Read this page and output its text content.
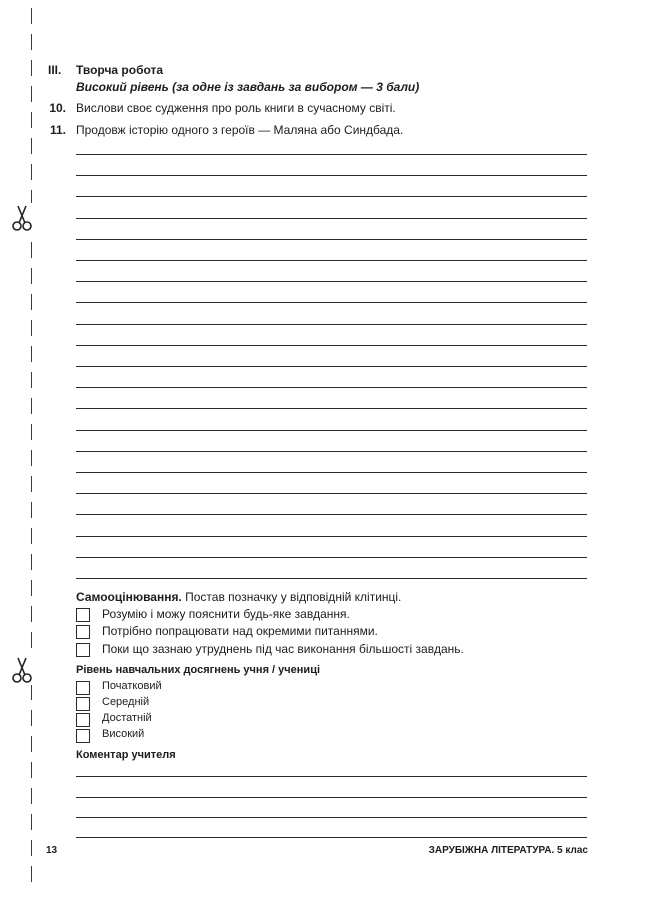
III. Творча робота
Високий рівень (за одне із завдань за вибором — 3 бали)
10. Вислови своє судження про роль книги в сучасному світі.
11. Продовж історію одного з героїв — Маляна або Синдбада.
Самооцінювання. Постав позначку у відповідній клітинці.
Розумію і можу пояснити будь-яке завдання.
Потрібно попрацювати над окремими питаннями.
Поки що зазнаю утруднень під час виконання більшості завдань.
Рівень навчальних досягнень учня / учениці
Початковий
Середній
Достатній
Високий
Коментар учителя
13	ЗАРУБІЖНА ЛІТЕРАТУРА. 5 клас
